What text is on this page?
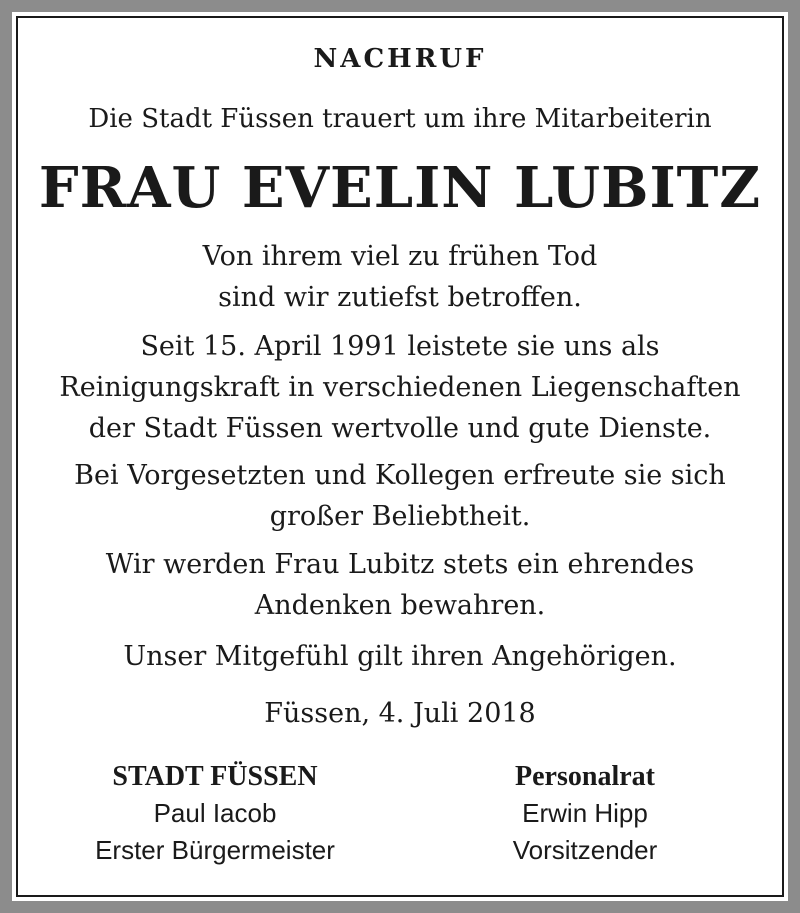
NACHRUF
Die Stadt Füssen trauert um ihre Mitarbeiterin
FRAU EVELIN LUBITZ
Von ihrem viel zu frühen Tod
sind wir zutiefst betroffen.
Seit 15. April 1991 leistete sie uns als
Reinigungskraft in verschiedenen Liegenschaften
der Stadt Füssen wertvolle und gute Dienste.
Bei Vorgesetzten und Kollegen erfreute sie sich
großer Beliebtheit.
Wir werden Frau Lubitz stets ein ehrendes
Andenken bewahren.
Unser Mitgefühl gilt ihren Angehörigen.
Füssen, 4. Juli 2018
STADT FÜSSEN
Paul Iacob
Erster Bürgermeister
Personalrat
Erwin Hipp
Vorsitzender
